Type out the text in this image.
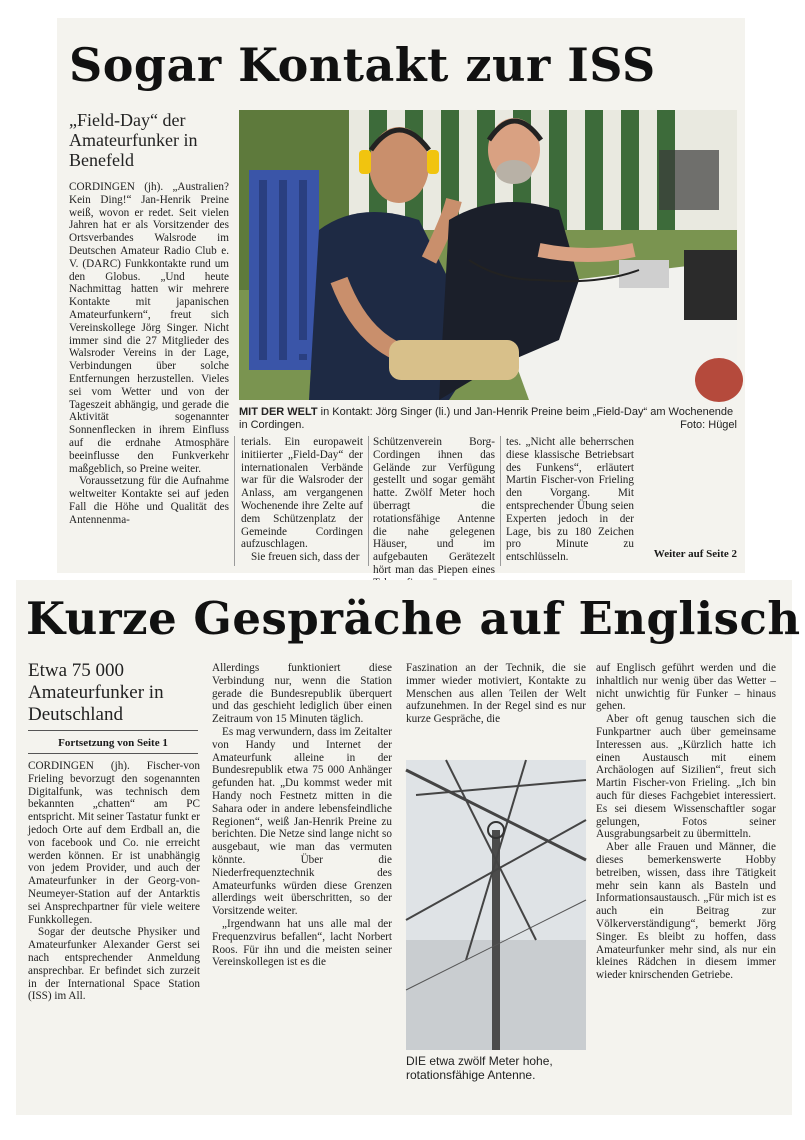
Sogar Kontakt zur ISS
„Field-Day“ der Amateurfunker in Benefeld
MIT DER WELT in Kontakt: Jörg Singer (li.) und Jan-Henrik Preine beim „Field-Day“ am Wochenende in Cordingen.	Foto: Hügel

CORDINGEN (jh). „Australien? Kein Ding!“ Jan-Henrik Preine weiß, wovon er redet. Seit vielen Jahren hat er als Vorsitzender des Ortsverbandes Walsrode im Deutschen Amateur Radio Club e. V. (DARC) Funkkontakte rund um den Globus. „Und heute Nachmittag hatten wir mehrere Kontakte mit japanischen Amateurfunkern“, freut sich Vereinskollege Jörg Singer. Nicht immer sind die 27 Mitglieder des Walsroder Vereins in der Lage, Verbindungen über solche Entfernungen herzustellen. Vieles sei vom Wetter und von der Tageszeit abhängig, und gerade die Aktivität sogenannter Sonnenflecken in ihrem Einfluss auf die erdnahe Atmosphäre beeinflusse den Funkverkehr maßgeblich, so Preine weiter.

Voraussetzung für die Aufnahme weltweiter Kontakte sei auf jeden Fall die Höhe und Qualität des Antennenma-

terials. Ein europaweit initiierter „Field-Day“ der internationalen Verbände war für die Walsroder der Anlass, am vergangenen Wochenende ihre Zelte auf dem Schützenplatz der Gemeinde Cordingen aufzuschlagen.

Sie freuen sich, dass der

Schützenverein Borg-Cordingen ihnen das Gelände zur Verfügung gestellt und sogar gemäht hatte. Zwölf Meter hoch überragt die rotationsfähige Antenne die nahe gelegenen Häuser, und im aufgebauten Gerätezelt hört man das Piepen eines

tes. „Nicht alle beherrschen diese klassische Betriebsart des Funkens“, erläutert Martin Fischer-von Frieling den Vorgang. Mit entsprechender Übung seien Experten jedoch in der Lage, bis zu 180 Zeichen pro Minute zu entschlüsseln.	Weiter auf Seite 2
Kurze Gespräche auf Englisch
Etwa 75 000 Amateurfunker in Deutschland
Fortsetzung von Seite 1

CORDINGEN (jh). Fischer-von Frieling bevorzugt den sogenannten Digitalfunk, was technisch dem bekannten „chatten“ am PC entspricht. Mit seiner Tastatur funkt er jedoch Orte auf dem Erdball an, die von facebook und Co. nie erreicht werden können. Er ist unabhängig von jedem Provider, und auch der Amateurfunker in der Georg-von-Neumeyer-Station auf der Antarktis sei Ansprechpartner für viele weitere Funkkollegen.

Sogar der deutsche Physiker und Amateurfunker Alexander Gerst sei nach entsprechender Anmeldung ansprechbar. Er befindet sich zurzeit in der International Space Station (ISS) im All.

Allerdings funktioniert diese Verbindung nur, wenn die Station gerade die Bundesrepublik überquert und das geschieht lediglich über einen Zeitraum von 15 Minuten täglich.

Es mag verwundern, dass im Zeitalter von Handy und Internet der Amateurfunk alleine in der Bundesrepublik etwa 75 000 Anhänger gefunden hat. „Du kommst weder mit Handy noch Festnetz mitten in die Sahara oder in andere lebensfeindliche Regionen“, weiß Jan-Henrik Preine zu berichten. Die Netze sind lange nicht so ausgebaut, wie man das vermuten könnte. Über die Niederfrequenztechnik des Amateurfunks würden diese Grenzen allerdings weit überschritten, so der Vorsitzende weiter.

„Irgendwann hat uns alle mal der Frequenzvirus befallen“, lacht Norbert Roos. Für ihn und die meisten seiner Vereinskollegen ist es die

Faszination an der Technik, die sie immer wieder motiviert, Kontakte zu Menschen aus allen Teilen der Welt aufzunehmen. In der Regel sind es nur kurze Gespräche, die

DIE etwa zwölf Meter hohe, rotationsfähige Antenne.

auf Englisch geführt werden und die inhaltlich nur wenig über das Wetter – nicht unwichtig für Funker – hinaus gehen.

Aber oft genug tauschen sich die Funkpartner auch über gemeinsame Interessen aus. „Kürzlich hatte ich einen Austausch mit einem Archäologen auf Sizilien“, freut sich Martin Fischer-von Frieling. „Ich bin auch für dieses Fachgebiet interessiert. Es sei diesem Wissenschaftler sogar gelungen, Fotos seiner Ausgrabungsarbeit zu übermitteln.

Aber alle Frauen und Männer, die dieses bemerkenswerte Hobby betreiben, wissen, dass ihre Tätigkeit mehr sein kann als Basteln und Informationsaustausch. „Für mich ist es auch ein Beitrag zur Völkerverständigung“, bemerkt Jörg Singer. Es bleibt zu hoffen, dass Amateurfunker mehr sind, als nur ein kleines Rädchen in diesem immer wieder knirschenden Getriebe.
